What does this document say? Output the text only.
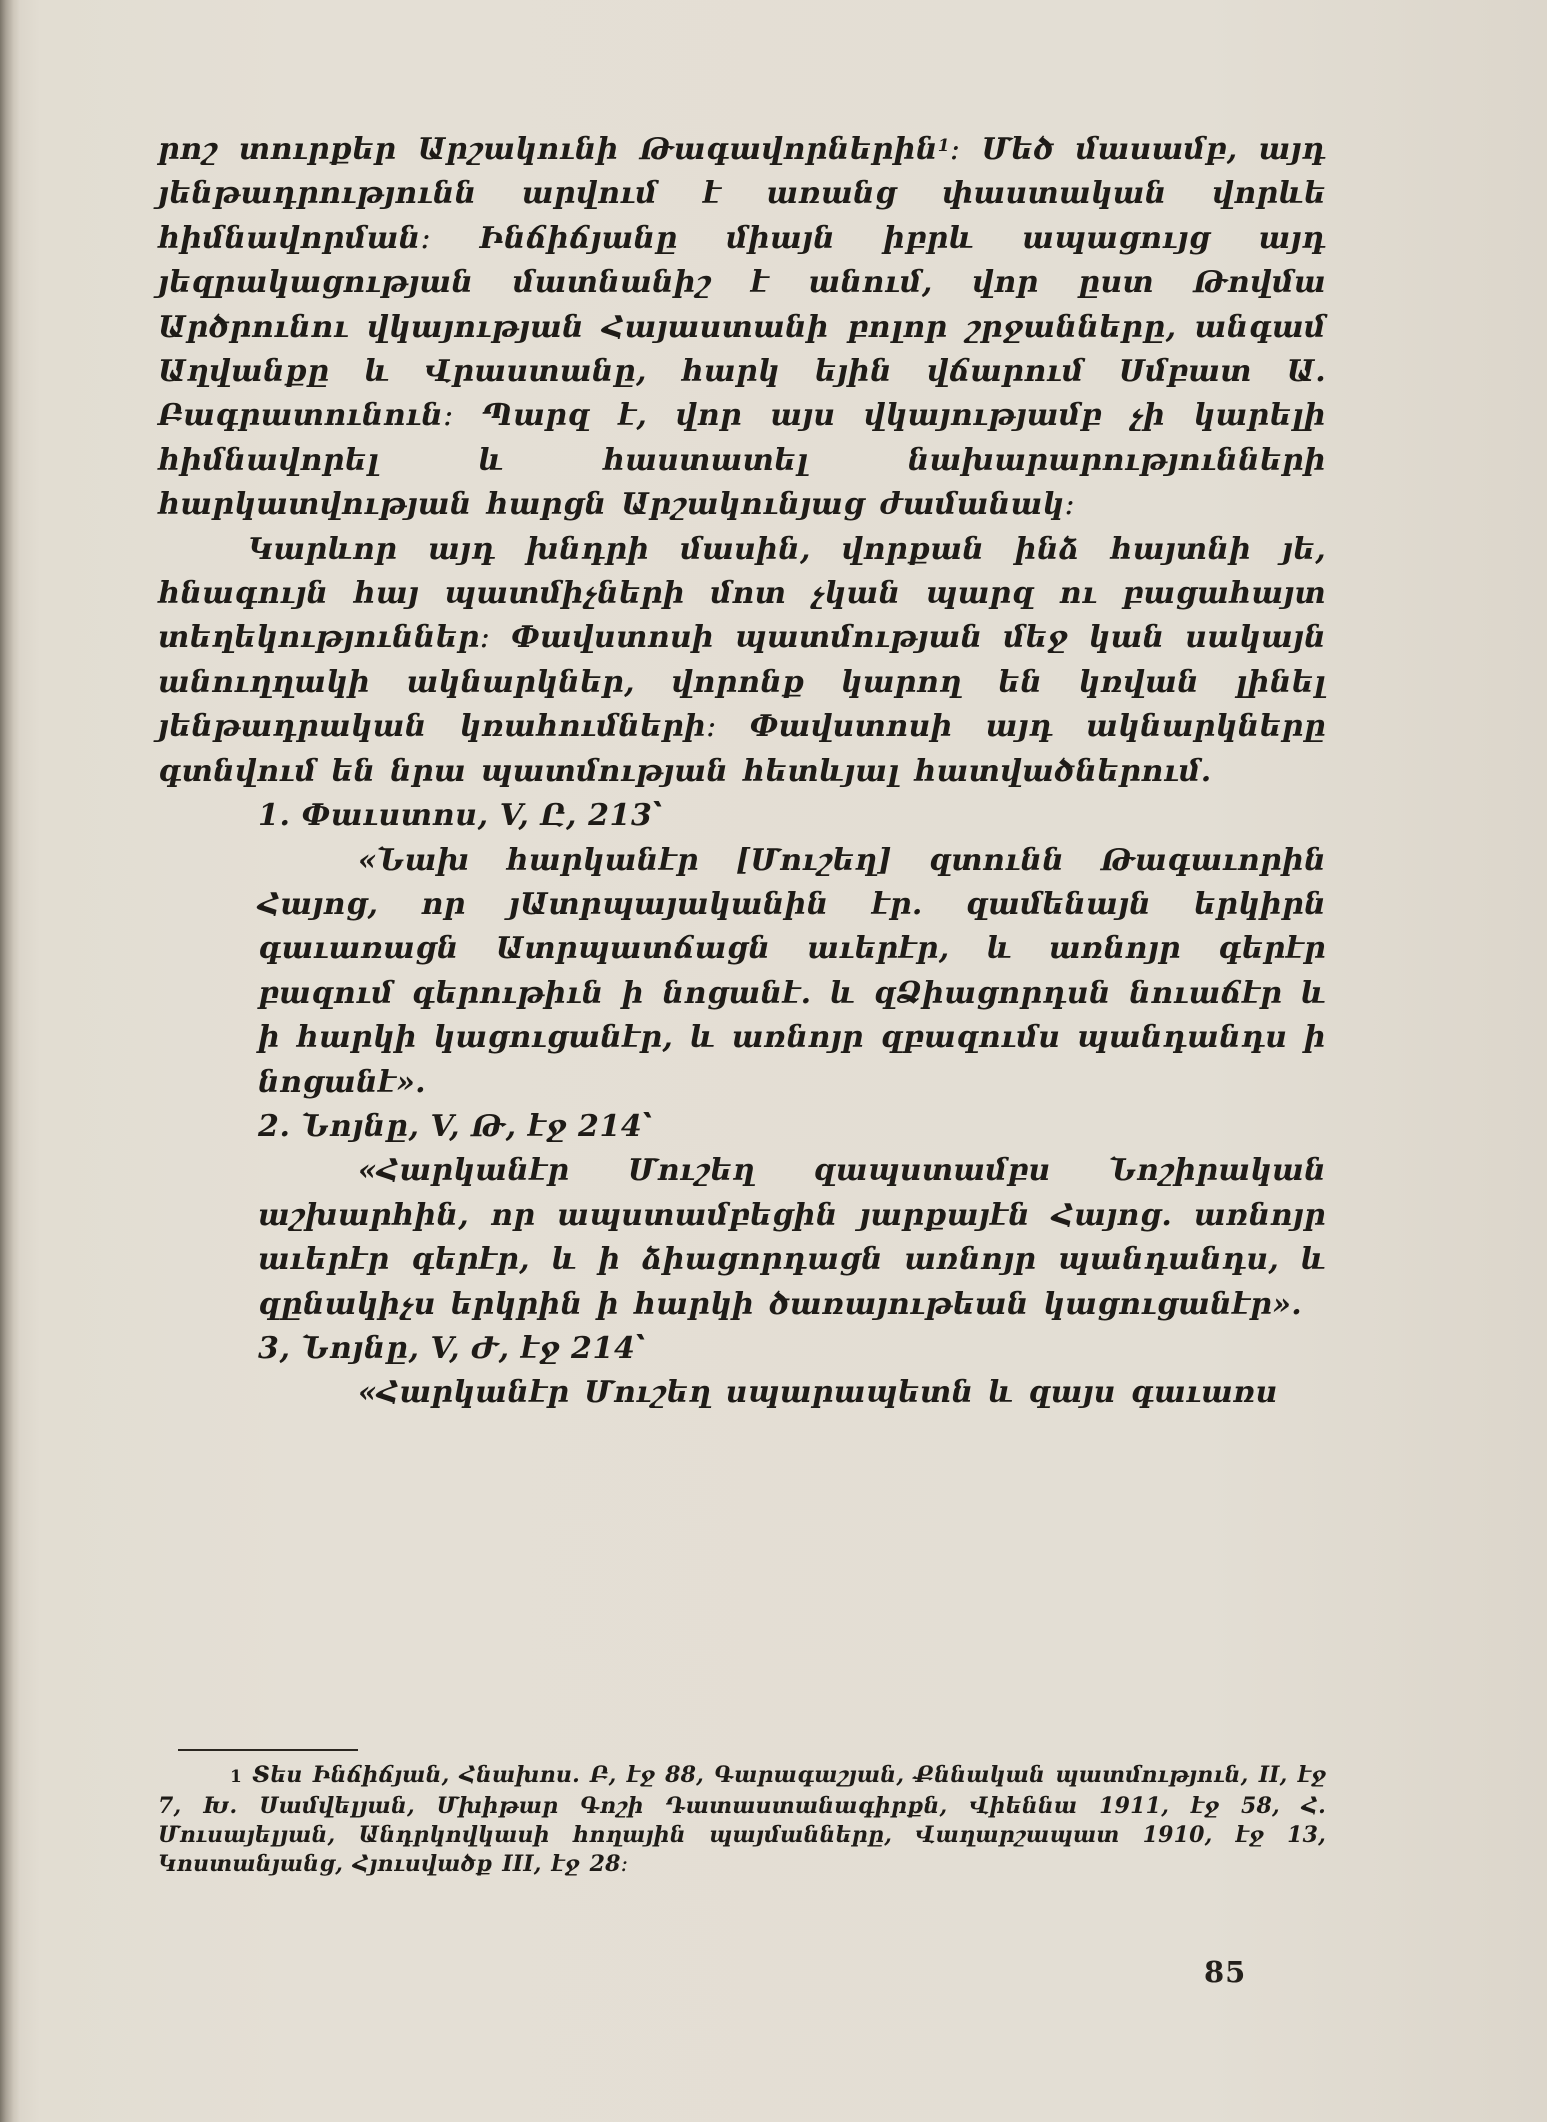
րոշ տուրքեր Արշակունի Թագավորներին$^1$։ Մեծ մասամբ, այդ յենթադրությունն արվում է առանց փաստական վորևե հիմնավորման։ Ինճիճյանը միայն իբրև ապացույց այդ յեզրակացության մատնանիշ է անում, վոր ըստ Թովմա Արծրունու վկայության Հայաստանի բոլոր շրջանները, անգամ Աղվանքը և Վրաստանը, հարկ եյին վճարում Սմբատ Ա. Բագրատունուն։ Պարզ է, վոր այս վկայությամբ չի կարելի հիմնավորել և հաստատել նախարարությունների հարկատվության հարցն Արշակունյաց ժամանակ։

Կարևոր այդ խնդրի մասին, վորքան ինձ հայտնի յե, հնագույն հայ պատմիչների մոտ չկան պարզ ու բացահայտ տեղեկություններ։ Փավստոսի պատմության մեջ կան սակայն անուղղակի ակնարկներ, վորոնք կարող են կռվան լինել յենթադրական կռահումների։ Փավստոսի այդ ակնարկները գտնվում են նրա պատմության հետևյալ հատվածներում.

1. Փաւստոս, V, Ը, 213՝

«Նախ հարկանէր [Մուշեղ] զտունն Թագաւորին Հայոց, որ յԱտրպայականին էր. զամենայն երկիրն գաւառացն Ատրպատճացն աւերէր, և առնոյր գերէր բազում գերութիւն ի նոցանէ. և զՁիացորդսն նուաճէր և ի հարկի կացուցանէր, և առնոյր զբազումս պանդանդս ի նոցանէ».

2. Նոյնը, V, Թ, էջ 214՝

«Հարկանէր Մուշեղ զապստամբս Նոշիրական աշխարհին, որ ապստամբեցին յարքայէն Հայոց. առնոյր աւերէր գերէր, և ի ձիացորդացն առնոյր պանդանդս, և զընակիչս երկրին ի հարկի ծառայութեան կացուցանէր».

3, Նոյնը, V, Ժ, էջ 214՝

«Հարկանէր Մուշեղ սպարապետն և զայս գաւառս

1 Տես Ինճիճյան, Հնախոս. Բ, էջ 88, Գարագաշյան, Քննական պատմություն, II, էջ 7, Խ. Սամվելյան, Մխիթար Գոշի Դատաստանագիրքն, Վիեննա 1911, էջ 58, Հ. Մուսայելյան, Անդրկովկասի հողային պայմանները, Վաղարշապատ 1910, էջ 13, Կոստանյանց, Հյուսվածք III, էջ 28։

85
